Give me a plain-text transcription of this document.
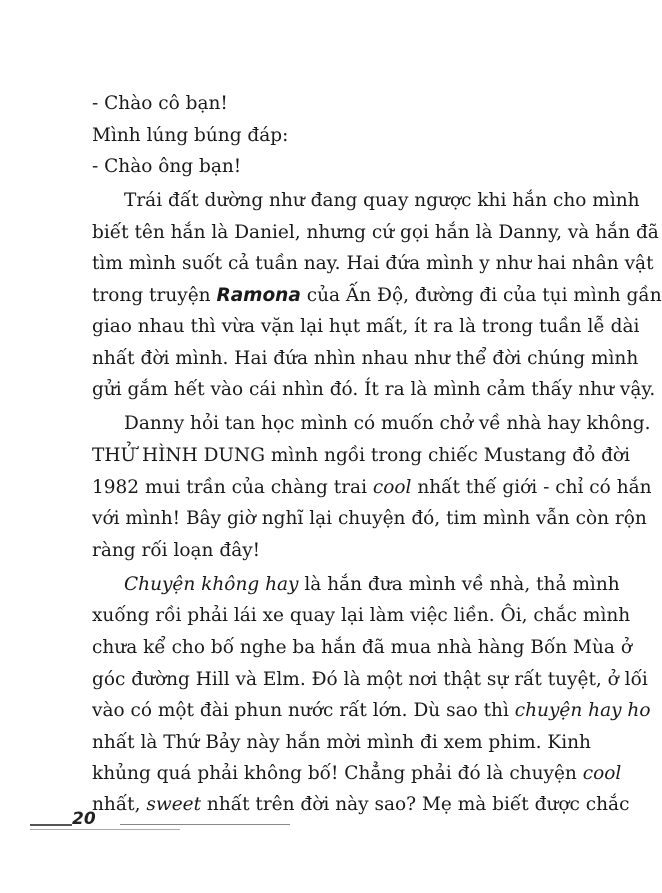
- Chào cô bạn!
Mình lúng búng đáp:
- Chào ông bạn!
Trái đất dường như đang quay ngược khi hắn cho mình
biết tên hắn là Daniel, nhưng cứ gọi hắn là Danny, và hắn đã
tìm mình suốt cả tuần nay. Hai đứa mình y như hai nhân vật
trong truyện Ramona của Ấn Độ, đường đi của tụi mình gần
giao nhau thì vừa vặn lại hụt mất, ít ra là trong tuần lễ dài
nhất đời mình. Hai đứa nhìn nhau như thể đời chúng mình
gửi gắm hết vào cái nhìn đó. Ít ra là mình cảm thấy như vậy.
Danny hỏi tan học mình có muốn chở về nhà hay không.
THỬ HÌNH DUNG mình ngồi trong chiếc Mustang đỏ đời
1982 mui trần của chàng trai cool nhất thế giới - chỉ có hắn
với mình! Bây giờ nghĩ lại chuyện đó, tim mình vẫn còn rộn
ràng rối loạn đây!
Chuyện không hay là hắn đưa mình về nhà, thả mình
xuống rồi phải lái xe quay lại làm việc liền. Ôi, chắc mình
chưa kể cho bố nghe ba hắn đã mua nhà hàng Bốn Mùa ở
góc đường Hill và Elm. Đó là một nơi thật sự rất tuyệt, ở lối
vào có một đài phun nước rất lớn. Dù sao thì chuyện hay ho
nhất là Thứ Bảy này hắn mời mình đi xem phim. Kinh
khủng quá phải không bố! Chẳng phải đó là chuyện cool
nhất, sweet nhất trên đời này sao? Mẹ mà biết được chắc
20
